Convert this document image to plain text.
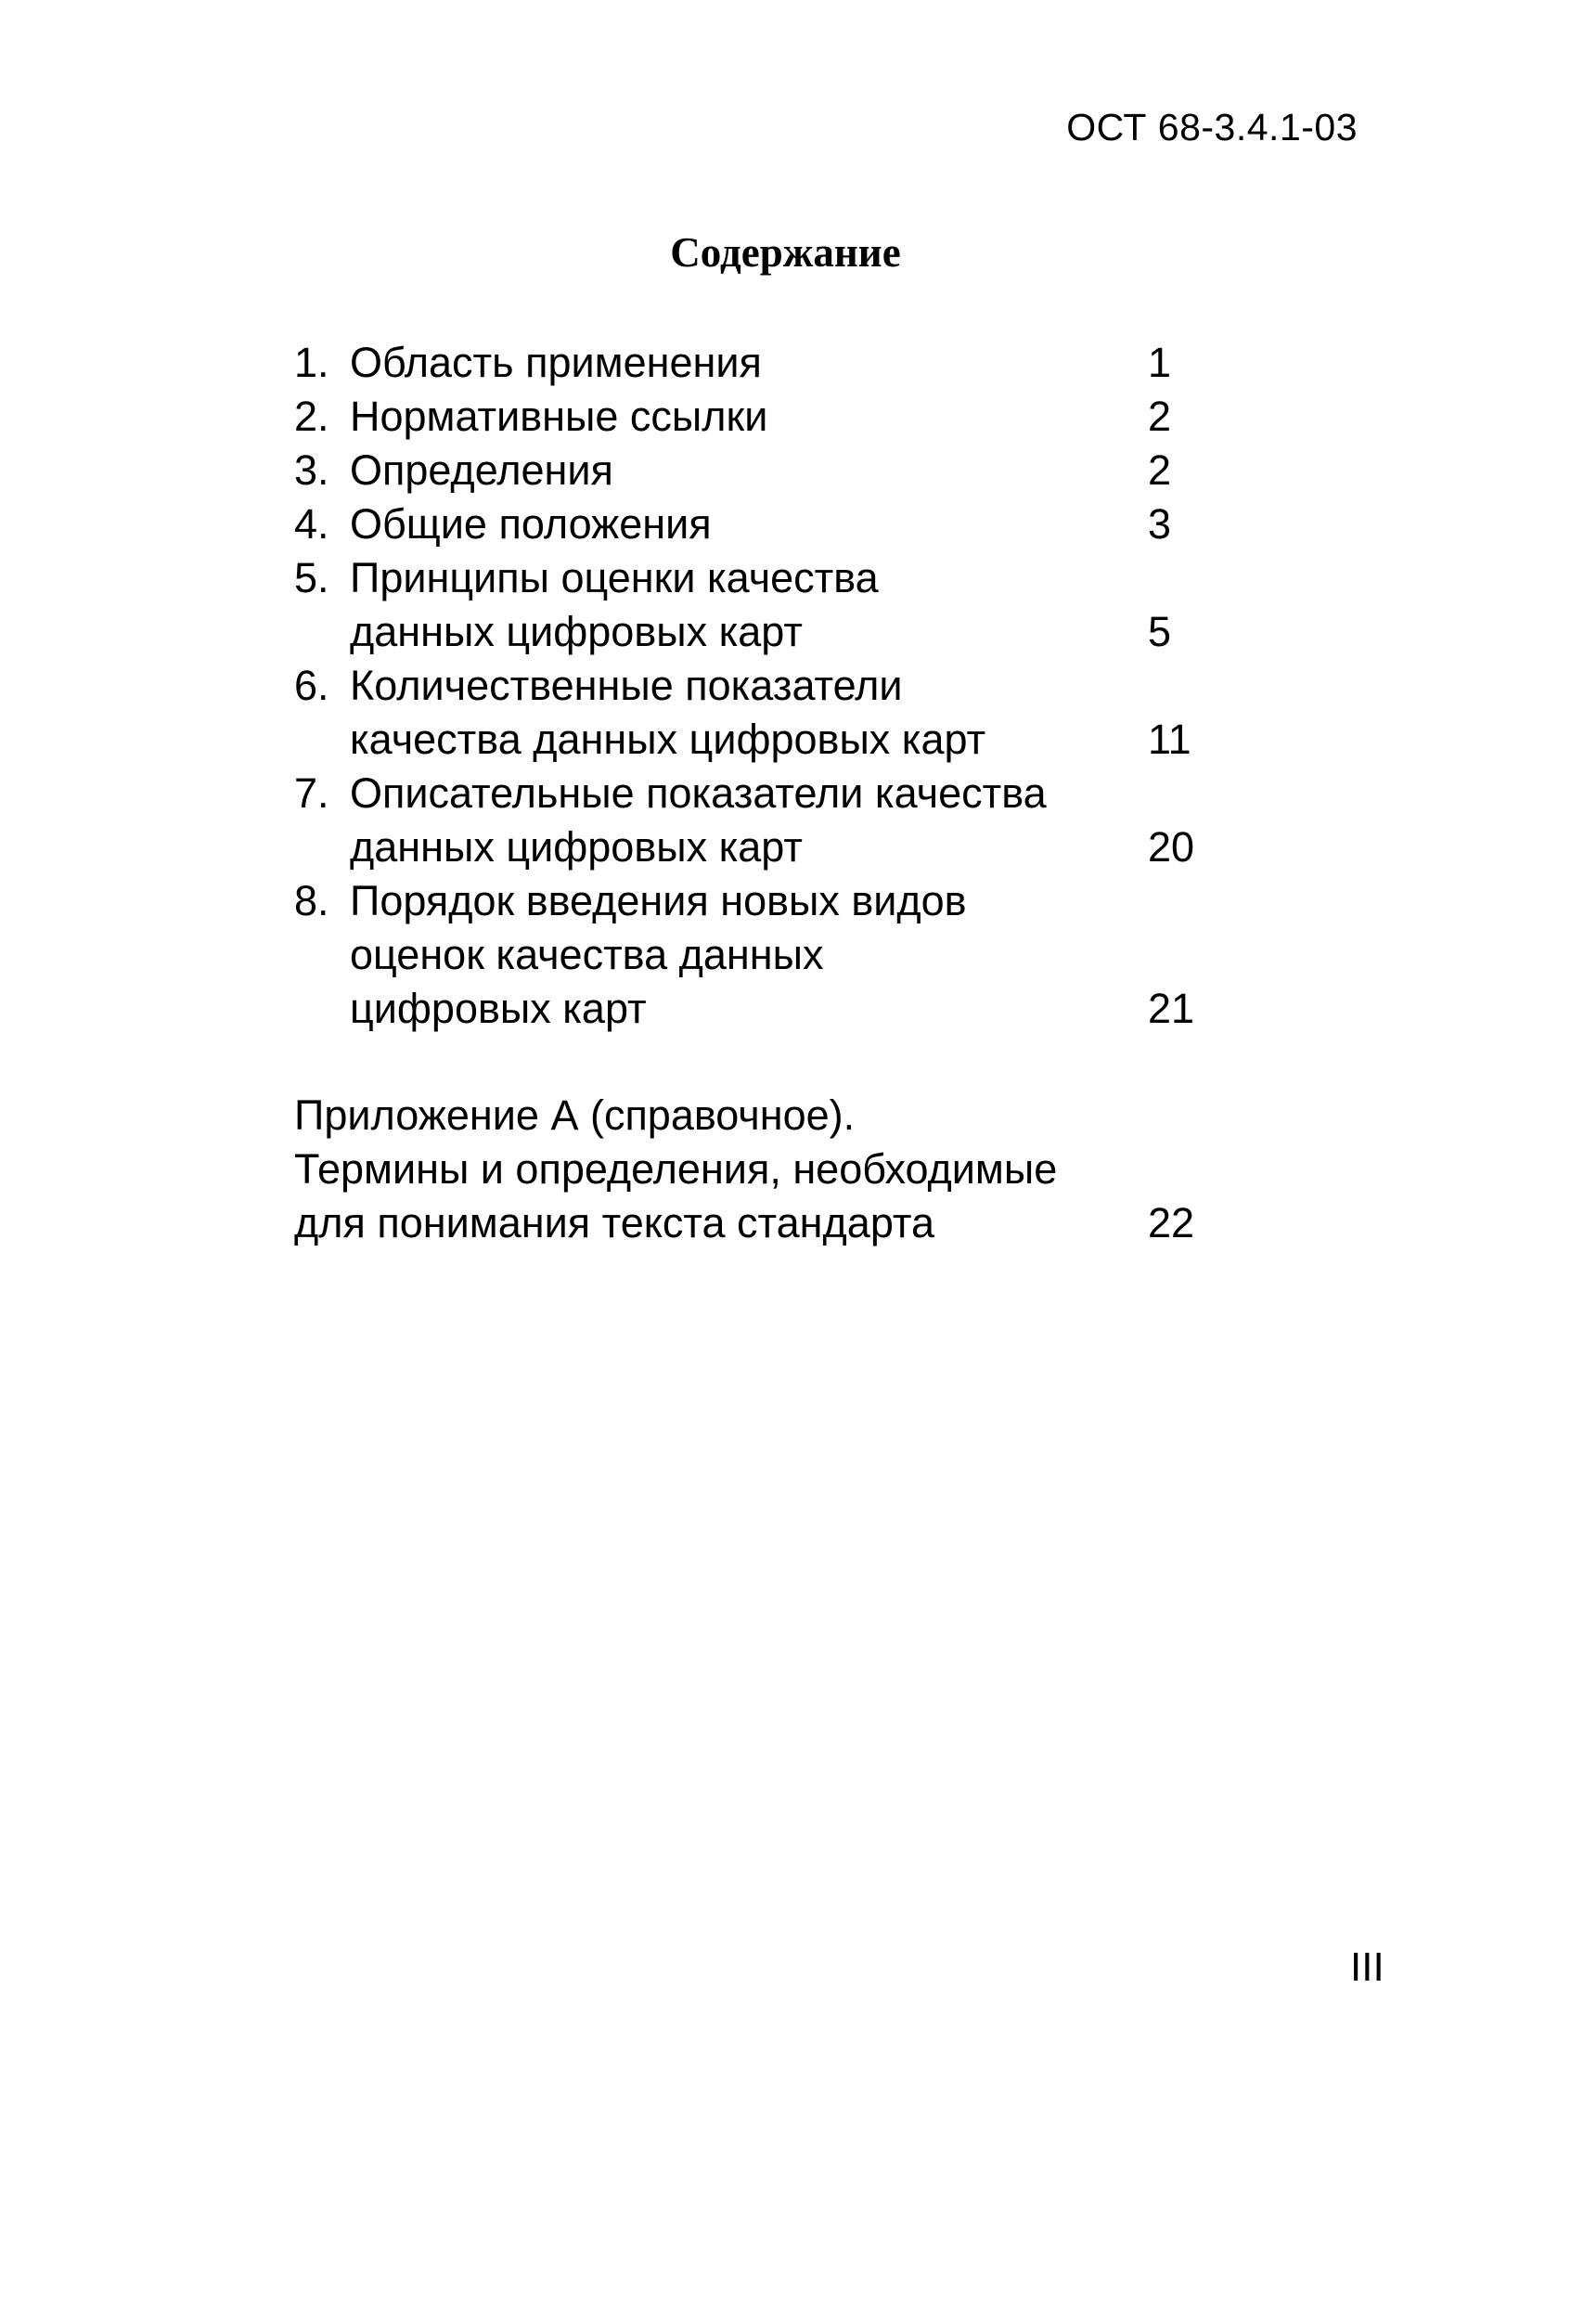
ОСТ 68-3.4.1-03
Содержание
1. Область применения	1
2. Нормативные ссылки	2
3. Определения	2
4. Общие положения	3
5. Принципы оценки качества
данных цифровых карт	5
6. Количественные показатели
качества данных цифровых карт	11
7. Описательные показатели качества
данных цифровых карт	20
8. Порядок введения новых видов
оценок качества данных
цифровых карт	21
Приложение А (справочное).
Термины и определения, необходимые
для понимания текста стандарта	22
III
